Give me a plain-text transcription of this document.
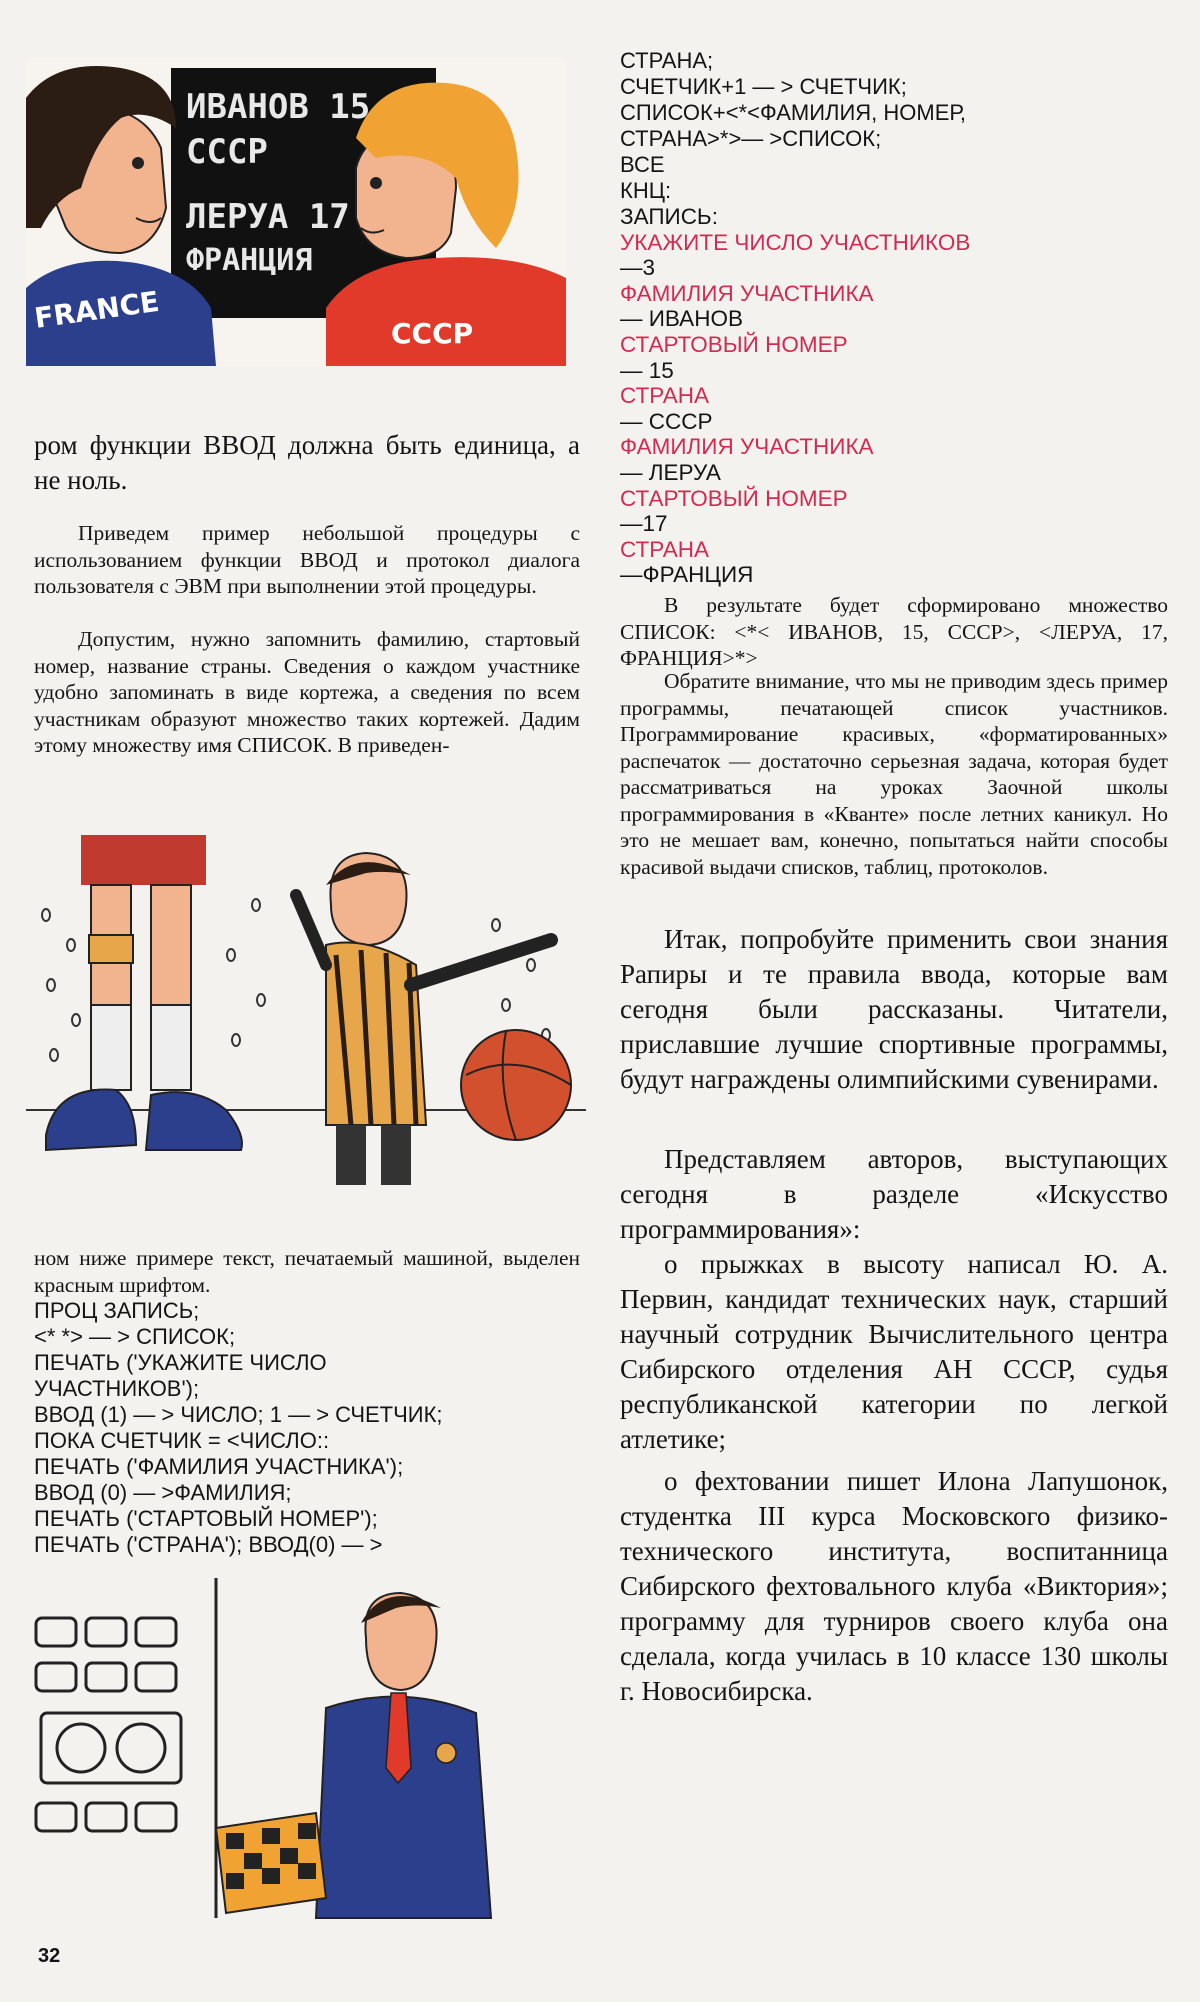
ИВАНОВ 15
СССР
ЛЕРУА 17
ФРАНЦИЯ
FRANCE	СССР

ром функции ВВОД должна быть единица, а не ноль.

Приведем пример небольшой процедуры с использованием функции ВВОД и протокол диалога пользователя с ЭВМ при выполнении этой процедуры.

Допустим, нужно запомнить фамилию, стартовый номер, название страны. Сведения о каждом участнике удобно запоминать в виде кортежа, а сведения по всем участникам образуют множество таких кортежей. Дадим этому множеству имя СПИСОК. В приведен-

ном ниже примере текст, печатаемый машиной, выделен красным шрифтом.

ПРОЦ ЗАПИСЬ;
<* *> — > СПИСОК;
ПЕЧАТЬ ('УКАЖИТЕ ЧИСЛО
УЧАСТНИКОВ');
ВВОД (1) — > ЧИСЛО; 1 — > СЧЕТЧИК;
ПОКА СЧЕТЧИК = <ЧИСЛО::
ПЕЧАТЬ ('ФАМИЛИЯ УЧАСТНИКА');
ВВОД (0) — >ФАМИЛИЯ;
ПЕЧАТЬ ('СТАРТОВЫЙ НОМЕР');
ПЕЧАТЬ ('СТРАНА'); ВВОД(0) — >
32
СТРАНА;
СЧЕТЧИК+1 — > СЧЕТЧИК;
СПИСОК+<*<ФАМИЛИЯ, НОМЕР,
СТРАНА>*>— >СПИСОК;
ВСЕ
КНЦ:
ЗАПИСЬ:
УКАЖИТЕ ЧИСЛО УЧАСТНИКОВ
—3
ФАМИЛИЯ УЧАСТНИКА
— ИВАНОВ
СТАРТОВЫЙ НОМЕР
— 15
СТРАНА
— СССР
ФАМИЛИЯ УЧАСТНИКА
— ЛЕРУА
СТАРТОВЫЙ НОМЕР
—17
СТРАНА
—ФРАНЦИЯ

В результате будет сформировано множество СПИСОК: <*< ИВАНОВ, 15, СССР>, <ЛЕРУА, 17, ФРАНЦИЯ>*>

Обратите внимание, что мы не приводим здесь пример программы, печатающей список участников. Программирование красивых, «форматированных» распечаток — достаточно серьезная задача, которая будет рассматриваться на уроках Заочной школы программирования в «Кванте» после летних каникул. Но это не мешает вам, конечно, попытаться найти способы красивой выдачи списков, таблиц, протоколов.

Итак, попробуйте применить свои знания Рапиры и те правила ввода, которые вам сегодня были рассказаны. Читатели, приславшие лучшие спортивные программы, будут награждены олимпийскими сувенирами.

Представляем авторов, выступающих сегодня в разделе «Искусство программирования»:

о прыжках в высоту написал Ю. А. Первин, кандидат технических наук, старший научный сотрудник Вычислительного центра Сибирского отделения АН СССР, судья республиканской категории по легкой атлетике;

о фехтовании пишет Илона Лапушонок, студентка III курса Московского физико-технического института, воспитанница Сибирского фехтовального клуба «Виктория»; программу для турниров своего клуба она сделала, когда училась в 10 классе 130 школы г. Новосибирска.
